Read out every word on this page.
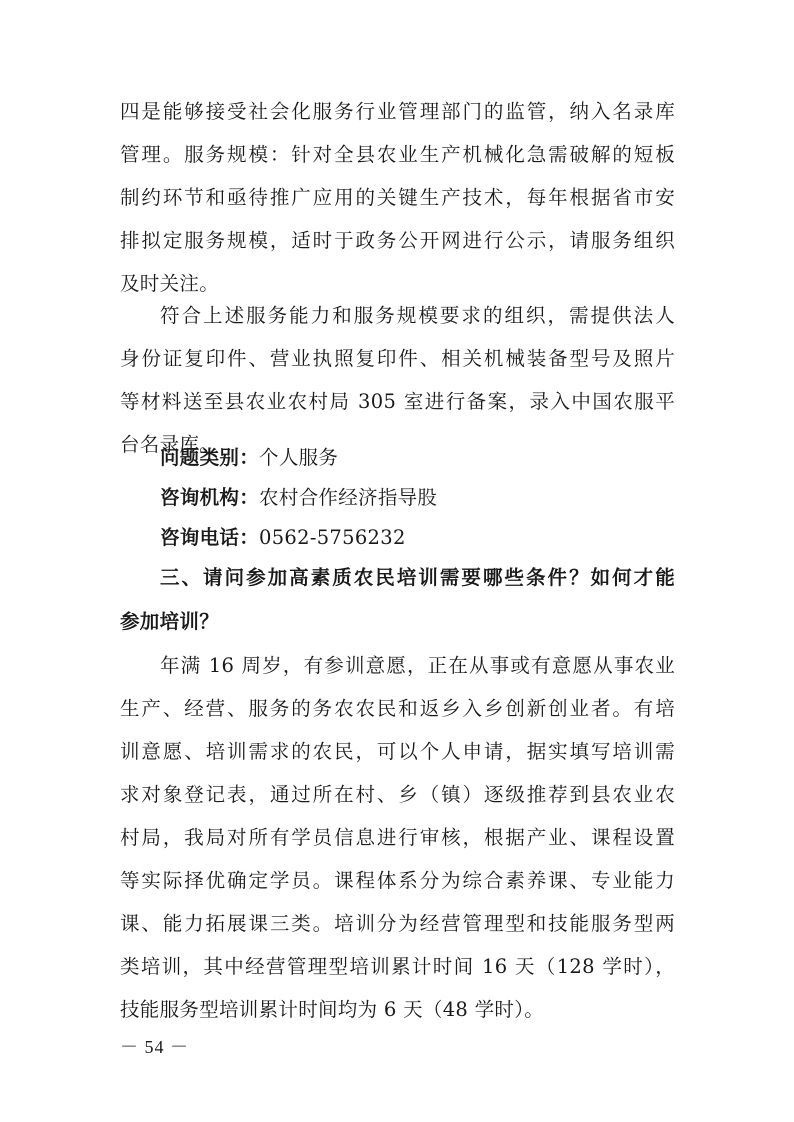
四是能够接受社会化服务行业管理部门的监管，纳入名录库
管理。服务规模：针对全县农业生产机械化急需破解的短板
制约环节和亟待推广应用的关键生产技术，每年根据省市安
排拟定服务规模，适时于政务公开网进行公示，请服务组织
及时关注。
符合上述服务能力和服务规模要求的组织，需提供法人
身份证复印件、营业执照复印件、相关机械装备型号及照片
等材料送至县农业农村局 305 室进行备案，录入中国农服平
台名录库。
问题类别：个人服务
咨询机构：农村合作经济指导股
咨询电话：0562-5756232
三、请问参加高素质农民培训需要哪些条件？如何才能
参加培训？
年满 16 周岁，有参训意愿，正在从事或有意愿从事农业
生产、经营、服务的务农农民和返乡入乡创新创业者。有培
训意愿、培训需求的农民，可以个人申请，据实填写培训需
求对象登记表，通过所在村、乡（镇）逐级推荐到县农业农
村局，我局对所有学员信息进行审核，根据产业、课程设置
等实际择优确定学员。课程体系分为综合素养课、专业能力
课、能力拓展课三类。培训分为经营管理型和技能服务型两
－ 54 －
类培训，其中经营管理型培训累计时间 16 天（128 学时），
技能服务型培训累计时间均为 6 天（48 学时）。
